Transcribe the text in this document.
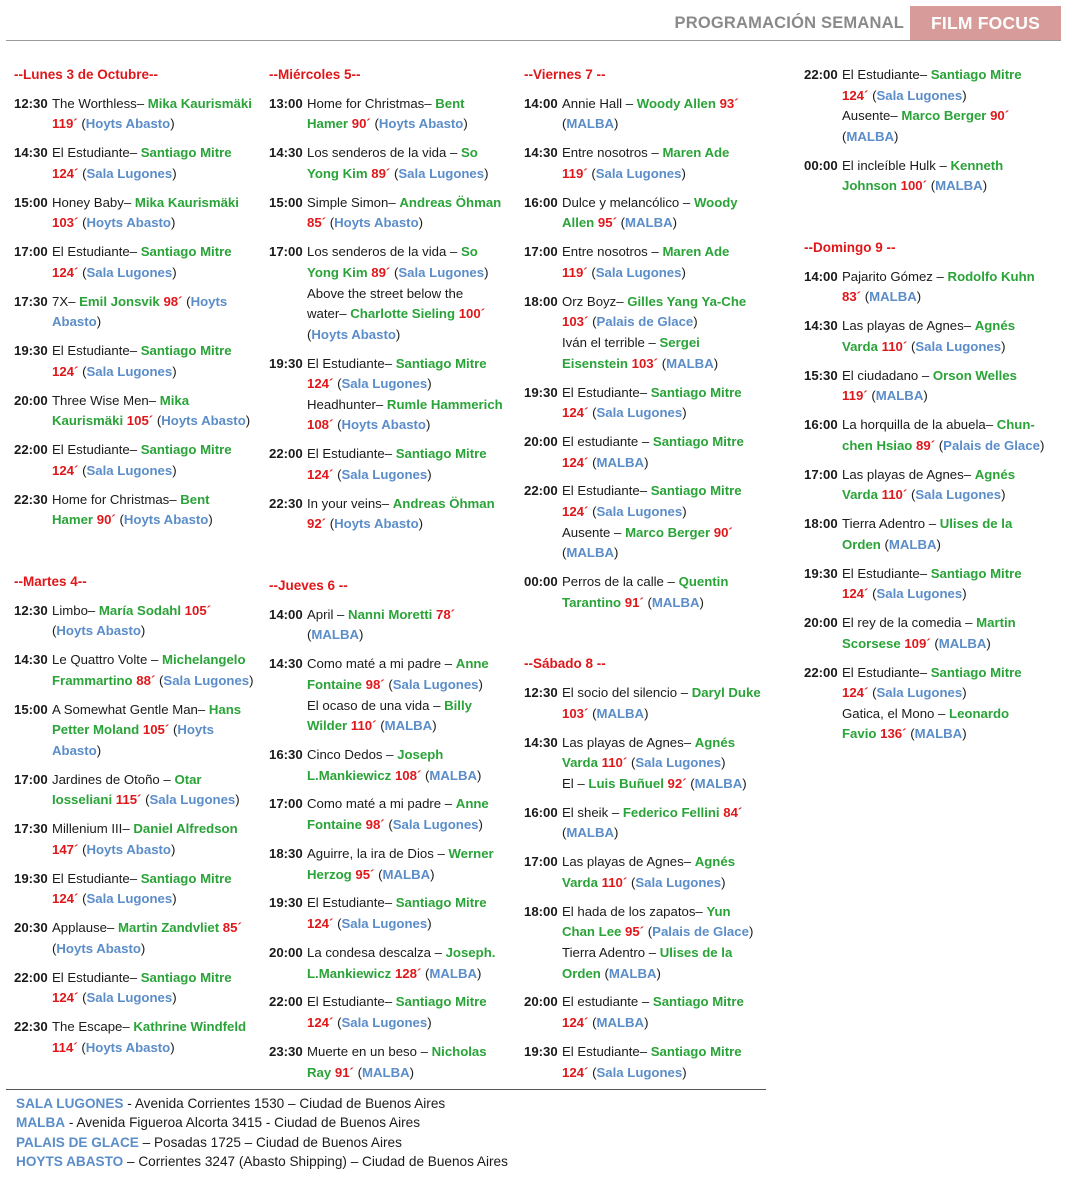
PROGRAMACIÓN SEMANAL	FILM FOCUS
--Lunes 3 de Octubre--
12:30 The Worthless– Mika Kaurismäki
119´ (Hoyts Abasto)
14:30 El Estudiante– Santiago Mitre
124´ (Sala Lugones)
15:00 Honey Baby– Mika Kaurismäki
103´ (Hoyts Abasto)
17:00 El Estudiante– Santiago Mitre
124´ (Sala Lugones)
17:30 7X– Emil Jonsvik 98´ (Hoyts
Abasto)
19:30 El Estudiante– Santiago Mitre
124´ (Sala Lugones)
20:00 Three Wise Men– Mika
Kaurismäki 105´ (Hoyts Abasto)
22:00 El Estudiante– Santiago Mitre
124´ (Sala Lugones)
22:30 Home for Christmas– Bent
Hamer 90´ (Hoyts Abasto)
--Martes 4--
12:30 Limbo– María Sodahl 105´
(Hoyts Abasto)
14:30 Le Quattro Volte – Michelangelo
Frammartino 88´ (Sala Lugones)
15:00 A Somewhat Gentle Man– Hans
Petter Moland 105´ (Hoyts
Abasto)
17:00 Jardines de Otoño – Otar
Iosseliani 115´ (Sala Lugones)
17:30 Millenium III– Daniel Alfredson
147´ (Hoyts Abasto)
19:30 El Estudiante– Santiago Mitre
124´ (Sala Lugones)
20:30 Applause– Martin Zandvliet 85´
(Hoyts Abasto)
22:00 El Estudiante– Santiago Mitre
124´ (Sala Lugones)
22:30 The Escape– Kathrine Windfeld
114´ (Hoyts Abasto)
--Miércoles 5--
13:00 Home for Christmas– Bent
Hamer 90´ (Hoyts Abasto)
14:30 Los senderos de la vida – So
Yong Kim 89´ (Sala Lugones)
15:00 Simple Simon– Andreas Öhman
85´ (Hoyts Abasto)
17:00 Los senderos de la vida – So
Yong Kim 89´ (Sala Lugones)
Above the street below the
water– Charlotte Sieling 100´
(Hoyts Abasto)
19:30 El Estudiante– Santiago Mitre
124´ (Sala Lugones)
Headhunter– Rumle Hammerich
108´ (Hoyts Abasto)
22:00 El Estudiante– Santiago Mitre
124´ (Sala Lugones)
22:30 In your veins– Andreas Öhman
92´ (Hoyts Abasto)
--Jueves 6 --
14:00 April – Nanni Moretti 78´
(MALBA)
14:30 Como maté a mi padre – Anne
Fontaine 98´ (Sala Lugones)
El ocaso de una vida – Billy
Wilder 110´ (MALBA)
16:30 Cinco Dedos – Joseph
L.Mankiewicz 108´ (MALBA)
17:00 Como maté a mi padre – Anne
Fontaine 98´ (Sala Lugones)
18:30 Aguirre, la ira de Dios – Werner
Herzog 95´ (MALBA)
19:30 El Estudiante– Santiago Mitre
124´ (Sala Lugones)
20:00 La condesa descalza – Joseph.
L.Mankiewicz 128´ (MALBA)
22:00 El Estudiante– Santiago Mitre
124´ (Sala Lugones)
23:30 Muerte en un beso – Nicholas
Ray 91´ (MALBA)
--Viernes 7 --
14:00 Annie Hall – Woody Allen 93´
(MALBA)
14:30 Entre nosotros – Maren Ade
119´ (Sala Lugones)
16:00 Dulce y melancólico – Woody
Allen 95´ (MALBA)
17:00 Entre nosotros – Maren Ade
119´ (Sala Lugones)
18:00 Orz Boyz– Gilles Yang Ya-Che
103´ (Palais de Glace)
Iván el terrible – Sergei
Eisenstein 103´ (MALBA)
19:30 El Estudiante– Santiago Mitre
124´ (Sala Lugones)
20:00 El estudiante – Santiago Mitre
124´ (MALBA)
22:00 El Estudiante– Santiago Mitre
124´ (Sala Lugones)
Ausente – Marco Berger 90´
(MALBA)
00:00 Perros de la calle – Quentin
Tarantino 91´ (MALBA)
--Sábado 8 --
12:30 El socio del silencio – Daryl Duke
103´ (MALBA)
14:30 Las playas de Agnes– Agnés
Varda 110´ (Sala Lugones)
El – Luis Buñuel 92´ (MALBA)
16:00 El sheik – Federico Fellini 84´
(MALBA)
17:00 Las playas de Agnes– Agnés
Varda 110´ (Sala Lugones)
18:00 El hada de los zapatos– Yun
Chan Lee 95´ (Palais de Glace)
Tierra Adentro – Ulises de la
Orden (MALBA)
20:00 El estudiante – Santiago Mitre
124´ (MALBA)
19:30 El Estudiante– Santiago Mitre
124´ (Sala Lugones)
22:00 El Estudiante– Santiago Mitre
124´ (Sala Lugones)
Ausente– Marco Berger 90´
(MALBA)
00:00 El incleíble Hulk – Kenneth
Johnson 100´ (MALBA)
--Domingo 9 --
14:00 Pajarito Gómez – Rodolfo Kuhn
83´ (MALBA)
14:30 Las playas de Agnes– Agnés
Varda 110´ (Sala Lugones)
15:30 El ciudadano – Orson Welles
119´ (MALBA)
16:00 La horquilla de la abuela– Chun-
chen Hsiao 89´ (Palais de Glace)
17:00 Las playas de Agnes– Agnés
Varda 110´ (Sala Lugones)
18:00 Tierra Adentro – Ulises de la
Orden (MALBA)
19:30 El Estudiante– Santiago Mitre
124´ (Sala Lugones)
20:00 El rey de la comedia – Martin
Scorsese 109´ (MALBA)
22:00 El Estudiante– Santiago Mitre
124´ (Sala Lugones)
Gatica, el Mono – Leonardo
Favio 136´ (MALBA)
SALA LUGONES - Avenida Corrientes 1530 – Ciudad de Buenos Aires
MALBA - Avenida Figueroa Alcorta 3415 - Ciudad de Buenos Aires
PALAIS DE GLACE – Posadas 1725 – Ciudad de Buenos Aires
HOYTS ABASTO – Corrientes 3247 (Abasto Shipping) – Ciudad de Buenos Aires
